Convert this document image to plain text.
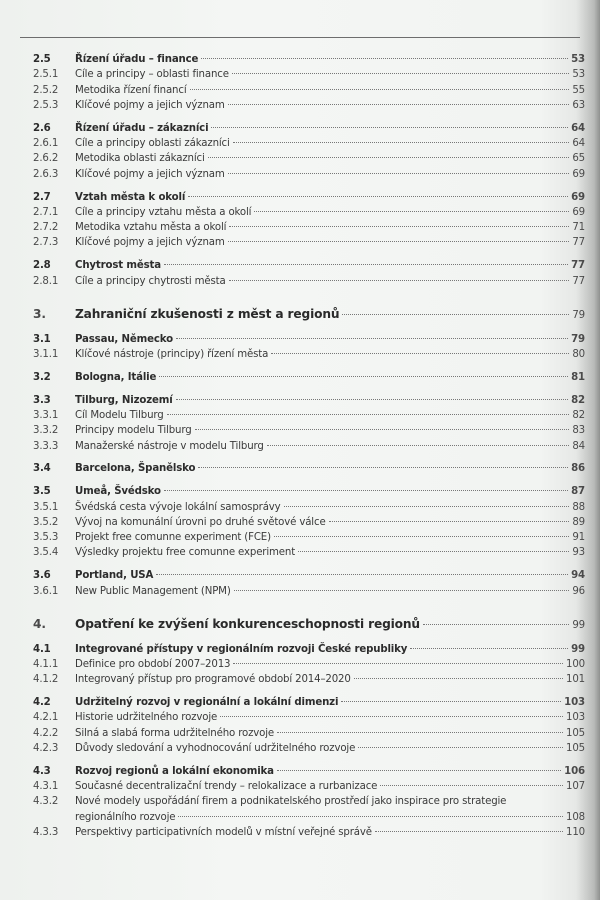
2.5	Řízení úřadu – finance	53
2.5.1	Cíle a principy – oblasti finance	53
2.5.2	Metodika řízení financí	55
2.5.3	Klíčové pojmy a jejich význam	63
2.6	Řízení úřadu – zákazníci	64
2.6.1	Cíle a principy oblasti zákazníci	64
2.6.2	Metodika oblasti zákazníci	65
2.6.3	Klíčové pojmy a jejich význam	69
2.7	Vztah města k okolí	69
2.7.1	Cíle a principy vztahu města a okolí	69
2.7.2	Metodika vztahu města a okolí	71
2.7.3	Klíčové pojmy a jejich význam	77
2.8	Chytrost města	77
2.8.1	Cíle a principy chytrosti města	77
3.	Zahraniční zkušenosti z měst a regionů	79
3.1	Passau, Německo	79
3.1.1	Klíčové nástroje (principy) řízení města	80
3.2	Bologna, Itálie	81
3.3	Tilburg, Nizozemí	82
3.3.1	Cíl Modelu Tilburg	82
3.3.2	Principy modelu Tilburg	83
3.3.3	Manažerské nástroje v modelu Tilburg	84
3.4	Barcelona, Španělsko	86
3.5	Umeå, Švédsko	87
3.5.1	Švédská cesta vývoje lokální samosprávy	88
3.5.2	Vývoj na komunální úrovni po druhé světové válce	89
3.5.3	Projekt free comunne experiment (FCE)	91
3.5.4	Výsledky projektu free comunne experiment	93
3.6	Portland, USA	94
3.6.1	New Public Management (NPM)	96
4.	Opatření ke zvýšení konkurenceschopnosti regionů	99
4.1	Integrované přístupy v regionálním rozvoji České republiky	99
4.1.1	Definice pro období 2007–2013	100
4.1.2	Integrovaný přístup pro programové období 2014–2020	101
4.2	Udržitelný rozvoj v regionální a lokální dimenzi	103
4.2.1	Historie udržitelného rozvoje	103
4.2.2	Silná a slabá forma udržitelného rozvoje	105
4.2.3	Důvody sledování a vyhodnocování udržitelného rozvoje	105
4.3	Rozvoj regionů a lokální ekonomika	106
4.3.1	Současné decentralizační trendy – relokalizace a rurbanizace	107
4.3.2	Nové modely uspořádání firem a podnikatelského prostředí jako inspirace pro strategie
regionálního rozvoje	108
4.3.3	Perspektivy participativních modelů v místní veřejné správě	110
